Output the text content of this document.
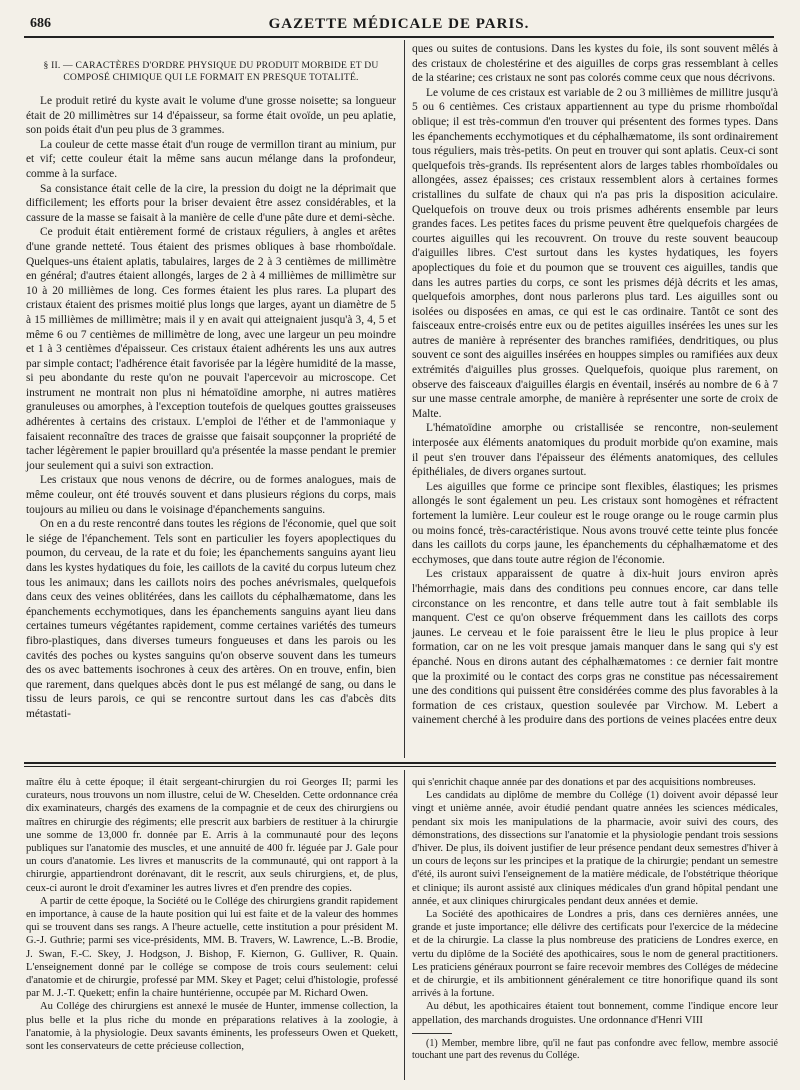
686	GAZETTE MÉDICALE DE PARIS.
§ II. — CARACTÈRES D'ORDRE PHYSIQUE DU PRODUIT MORBIDE ET DU COMPOSÉ CHIMIQUE QUI LE FORMAIT EN PRESQUE TOTALITÉ.

Le produit retiré du kyste avait le volume d'une grosse noisette; sa longueur était de 20 millimètres sur 14 d'épaisseur, sa forme était ovoïde, un peu aplatie, son poids était d'un peu plus de 3 grammes.

La couleur de cette masse était d'un rouge de vermillon tirant au minium, pur et vif; cette couleur était la même sans aucun mélange dans la profondeur, comme à la surface.

Sa consistance était celle de la cire, la pression du doigt ne la déprimait que difficilement; les efforts pour la briser devaient être assez considérables, et la cassure de la masse se faisait à la manière de celle d'une pâte dure et demi-sèche.

Ce produit était entièrement formé de cristaux réguliers, à angles et arêtes d'une grande netteté. Tous étaient des prismes obliques à base rhomboïdale. Quelques-uns étaient aplatis, tabulaires, larges de 2 à 3 centièmes de millimètre en général; d'autres étaient allongés, larges de 2 à 4 millièmes de millimètre sur 10 à 20 millièmes de long. Ces formes étaient les plus rares. La plupart des cristaux étaient des prismes moitié plus longs que larges, ayant un diamètre de 5 à 15 millièmes de millimètre; mais il y en avait qui atteignaient jusqu'à 3, 4, 5 et même 6 ou 7 centièmes de millimètre de long, avec une largeur un peu moindre et 1 à 3 centièmes d'épaisseur. Ces cristaux étaient adhérents les uns aux autres par simple contact; l'adhérence était favorisée par la légère humidité de la masse, si peu abondante du reste qu'on ne pouvait l'apercevoir au microscope. Cet instrument ne montrait non plus ni hématoïdine amorphe, ni autres matières granuleuses ou amorphes, à l'exception toutefois de quelques gouttes graisseuses adhérentes à certains des cristaux. L'emploi de l'éther et de l'ammoniaque y faisaient reconnaître des traces de graisse que faisait soupçonner la propriété de tacher légèrement le papier brouillard qu'a présentée la masse pendant le premier jour seulement qui a suivi son extraction.

Les cristaux que nous venons de décrire, ou de formes analogues, mais de même couleur, ont été trouvés souvent et dans plusieurs régions du corps, mais toujours au milieu ou dans le voisinage d'épanchements sanguins.

On en a du reste rencontré dans toutes les régions de l'économie, quel que soit le siége de l'épanchement. Tels sont en particulier les foyers apoplectiques du poumon, du cerveau, de la rate et du foie; les épanchements sanguins ayant lieu dans les kystes hydatiques du foie, les caillots de la cavité du corpus luteum chez tous les animaux; dans les caillots noirs des poches anévrismales, quelquefois dans ceux des veines oblitérées, dans les caillots du céphalhæmatome, dans les épanchements ecchymotiques, dans les épanchements sanguins ayant lieu dans certaines tumeurs végétantes rapidement, comme certaines variétés des tumeurs fibro-plastiques, dans diverses tumeurs fongueuses et dans les parois ou les cavités des poches ou kystes sanguins qu'on observe souvent dans les tumeurs des os avec battements isochrones à ceux des artères. On en trouve, enfin, bien que rarement, dans quelques abcès dont le pus est mélangé de sang, ou dans le tissu de leurs parois, ce qui se rencontre surtout dans les cas d'abcès dits métastati-

ques ou suites de contusions. Dans les kystes du foie, ils sont souvent mêlés à des cristaux de cholestérine et des aiguilles de corps gras ressemblant à celles de la stéarine; ces cristaux ne sont pas colorés comme ceux que nous décrivons.

Le volume de ces cristaux est variable de 2 ou 3 millièmes de millitre jusqu'à 5 ou 6 centièmes. Ces cristaux appartiennent au type du prisme rhomboïdal oblique; il est très-commun d'en trouver qui présentent des formes types. Dans les épanchements ecchymotiques et du céphalhæmatome, ils sont ordinairement tous réguliers, mais très-petits. On peut en trouver qui sont aplatis. Ceux-ci sont quelquefois très-grands. Ils représentent alors de larges tables rhomboïdales ou allongées, assez épaisses; ces cristaux ressemblent alors à certaines formes cristallines du sulfate de chaux qui n'a pas pris la disposition aciculaire. Quelquefois on trouve deux ou trois prismes adhérents ensemble par leurs grandes faces. Les petites faces du prisme peuvent être quelquefois chargées de courtes aiguilles qui les recouvrent. On trouve du reste souvent beaucoup d'aiguilles libres. C'est surtout dans les kystes hydatiques, les foyers apoplectiques du foie et du poumon que se trouvent ces aiguilles, tandis que dans les autres parties du corps, ce sont les prismes déjà décrits et les amas, quelquefois amorphes, dont nous parlerons plus tard. Les aiguilles sont ou isolées ou disposées en amas, ce qui est le cas ordinaire. Tantôt ce sont des faisceaux entre-croisés entre eux ou de petites aiguilles insérées les unes sur les autres de manière à représenter des branches ramifiées, dendritiques, ou plus souvent ce sont des aiguilles insérées en houppes simples ou ramifiées aux deux extrémités d'aiguilles plus grosses. Quelquefois, quoique plus rarement, on observe des faisceaux d'aiguilles élargis en éventail, insérés au nombre de 6 à 7 sur une masse centrale amorphe, de manière à représenter une sorte de croix de Malte.

L'hématoïdine amorphe ou cristallisée se rencontre, non-seulement interposée aux éléments anatomiques du produit morbide qu'on examine, mais il peut s'en trouver dans l'épaisseur des éléments anatomiques, des cellules épithéliales, de divers organes surtout.

Les aiguilles que forme ce principe sont flexibles, élastiques; les prismes allongés le sont également un peu. Les cristaux sont homogènes et réfractent fortement la lumière. Leur couleur est le rouge orange ou le rouge carmin plus ou moins foncé, très-caractéristique. Nous avons trouvé cette teinte plus foncée dans les caillots du corps jaune, les épanchements du céphalhæmatome et des ecchymoses, que dans toute autre région de l'économie.

Les cristaux apparaissent de quatre à dix-huit jours environ après l'hémorrhagie, mais dans des conditions peu connues encore, car dans telle circonstance on les rencontre, et dans telle autre tout à fait semblable ils manquent. C'est ce qu'on observe fréquemment dans les caillots des corps jaunes. Le cerveau et le foie paraissent être le lieu le plus propice à leur formation, car on ne les voit presque jamais manquer dans le sang qui s'y est épanché. Nous en dirons autant des céphalhæmatomes : ce dernier fait montre que la proximité ou le contact des corps gras ne constitue pas nécessairement une des conditions qui puissent être considérées comme des plus favorables à la formation de ces cristaux, question soulevée par Virchow. M. Lebert a vainement cherché à les produire dans des portions de veines placées entre deux

maître élu à cette époque; il était sergeant-chirurgien du roi Georges II; parmi les curateurs, nous trouvons un nom illustre, celui de W. Cheselden. Cette ordonnance créa dix examinateurs, chargés des examens de la compagnie et de ceux des chirurgiens ou maîtres en chirurgie des régiments; elle prescrit aux barbiers de restituer à la chirurgie une somme de 13,000 fr. donnée par E. Arris à la communauté pour des leçons publiques sur l'anatomie des muscles, et une annuité de 400 fr. léguée par J. Gale pour un cours d'anatomie. Les livres et manuscrits de la communauté, qui ont rapport à la chirurgie, appartiendront dorénavant, dit le rescrit, aux seuls chirurgiens, et, de plus, ceux-ci auront le droit d'examiner les autres livres et d'en prendre des copies.

A partir de cette époque, la Société ou le Collége des chirurgiens grandit rapidement en importance, à cause de la haute position qui lui est faite et de la valeur des hommes qui se trouvent dans ses rangs. A l'heure actuelle, cette institution a pour président M. G.-J. Guthrie; parmi ses vice-présidents, MM. B. Travers, W. Lawrence, L.-B. Brodie, J. Swan, F.-C. Skey, J. Hodgson, J. Bishop, F. Kiernon, G. Gulliver, R. Quain. L'enseignement donné par le collége se compose de trois cours seulement: celui d'anatomie et de chirurgie, professé par MM. Skey et Paget; celui d'histologie, professé par M. J.-T. Quekett; enfin la chaire huntérienne, occupée par M. Richard Owen.

Au Collége des chirurgiens est annexé le musée de Hunter, immense collection, la plus belle et la plus riche du monde en préparations relatives à la zoologie, à l'anatomie, à la physiologie. Deux savants éminents, les professeurs Owen et Quekett, sont les conservateurs de cette précieuse collection,

qui s'enrichit chaque année par des donations et par des acquisitions nombreuses.

Les candidats au diplôme de membre du Collége (1) doivent avoir dépassé leur vingt et unième année, avoir étudié pendant quatre années les sciences médicales, pendant six mois les manipulations de la pharmacie, avoir suivi des cours, des démonstrations, des dissections sur l'anatomie et la physiologie pendant trois sessions d'hiver. De plus, ils doivent justifier de leur présence pendant deux semestres d'hiver à un cours de leçons sur les principes et la pratique de la chirurgie; pendant un semestre d'été, ils auront suivi l'enseignement de la matière médicale, de l'obstétrique théorique et clinique; ils auront assisté aux cliniques médicales d'un grand hôpital pendant une année, et aux cliniques chirurgicales pendant deux années et demie.

La Société des apothicaires de Londres a pris, dans ces dernières années, une grande et juste importance; elle délivre des certificats pour l'exercice de la médecine et de la chirurgie. La classe la plus nombreuse des praticiens de Londres exerce, en vertu du diplôme de la Société des apothicaires, sous le nom de general practitioners. Les praticiens généraux pourront se faire recevoir membres des Colléges de médecine et de chirurgie, et ils ambitionnent généralement ce titre honorifique quand ils sont arrivés à la fortune.

Au début, les apothicaires étaient tout bonnement, comme l'indique encore leur appellation, des marchands droguistes. Une ordonnance d'Henri VIII

(1) Member, membre libre, qu'il ne faut pas confondre avec fellow, membre associé touchant une part des revenus du Collége.
